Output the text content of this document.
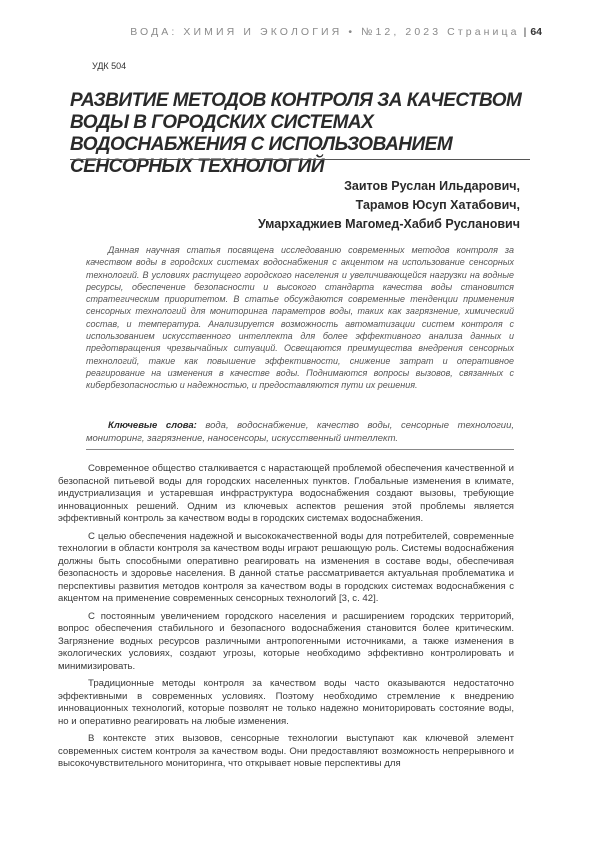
ВОДА: ХИМИЯ И ЭКОЛОГИЯ • №12, 2023 Страница | 64
УДК 504
РАЗВИТИЕ МЕТОДОВ КОНТРОЛЯ ЗА КАЧЕСТВОМ ВОДЫ В ГОРОДСКИХ СИСТЕМАХ ВОДОСНАБЖЕНИЯ С ИСПОЛЬЗОВАНИЕМ СЕНСОРНЫХ ТЕХНОЛОГИЙ
Заитов Руслан Ильдарович,
Тарамов Юсуп Хатабович,
Умархаджиев Магомед-Хабиб Русланович

Данная научная статья посвящена исследованию современных методов контроля за качеством воды в городских системах водоснабжения с акцентом на использование сенсорных технологий. В условиях растущего городского населения и увеличивающейся нагрузки на водные ресурсы, обеспечение безопасности и высокого стандарта качества воды становится стратегическим приоритетом. В статье обсуждаются современные тенденции применения сенсорных технологий для мониторинга параметров воды, таких как загрязнение, химический состав, и температура. Анализируется возможность автоматизации систем контроля с использованием искусственного интеллекта для более эффективного анализа данных и предотвращения чрезвычайных ситуаций. Освещаются преимущества внедрения сенсорных технологий, такие как повышение эффективности, снижение затрат и оперативное реагирование на изменения в качестве воды. Поднимаются вопросы вызовов, связанных с кибербезопасностью и надежностью, и предоставляются пути их решения.

Ключевые слова: вода, водоснабжение, качество воды, сенсорные технологии, мониторинг, загрязнение, наносенсоры, искусственный интеллект.

Современное общество сталкивается с нарастающей проблемой обеспечения качественной и безопасной питьевой воды для городских населенных пунктов. Глобальные изменения в климате, индустриализация и устаревшая инфраструктура водоснабжения создают вызовы, требующие инновационных решений. Одним из ключевых аспектов решения этой проблемы является эффективный контроль за качеством воды в городских системах водоснабжения.

С целью обеспечения надежной и высококачественной воды для потребителей, современные технологии в области контроля за качеством воды играют решающую роль. Системы водоснабжения должны быть способными оперативно реагировать на изменения в составе воды, обеспечивая безопасность и здоровье населения. В данной статье рассматривается актуальная проблематика и перспективы развития методов контроля за качеством воды в городских системах водоснабжения с акцентом на применение современных сенсорных технологий [3, с. 42].

С постоянным увеличением городского населения и расширением городских территорий, вопрос обеспечения стабильного и безопасного водоснабжения становится более критическим. Загрязнение водных ресурсов различными антропогенными источниками, а также изменения в экологических условиях, создают угрозы, которые необходимо эффективно контролировать и минимизировать.

Традиционные методы контроля за качеством воды часто оказываются недостаточно эффективными в современных условиях. Поэтому необходимо стремление к внедрению инновационных технологий, которые позволят не только надежно мониторировать состояние воды, но и оперативно реагировать на любые изменения.

В контексте этих вызовов, сенсорные технологии выступают как ключевой элемент современных систем контроля за качеством воды. Они предоставляют возможность непрерывного и высокочувствительного мониторинга, что открывает новые перспективы для
